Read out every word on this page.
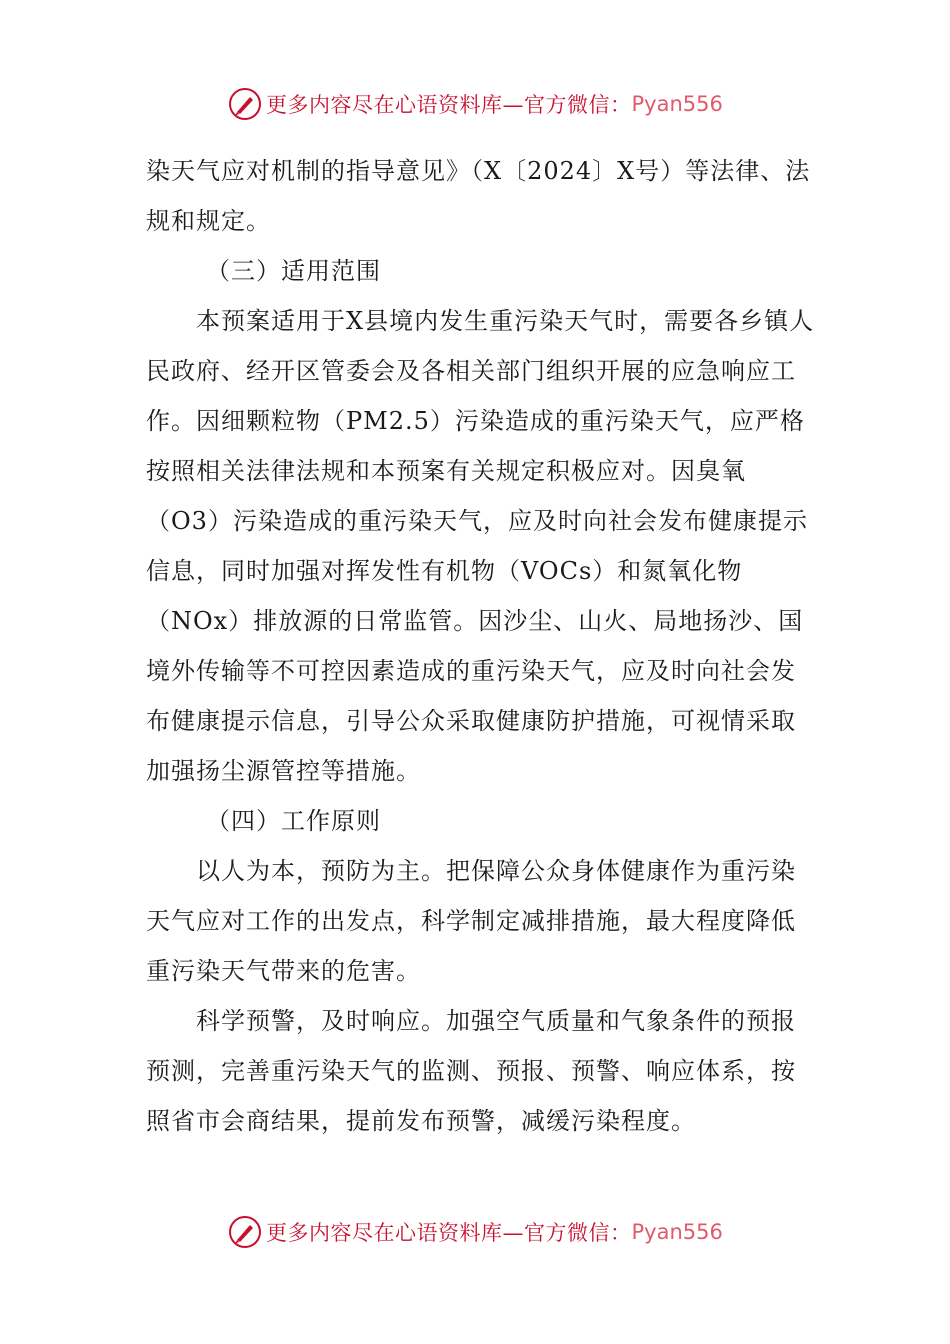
更多内容尽在心语资料库—官方微信： Pyan556

染天气应对机制的指导意见》（X〔2024〕X号）等法律、法规和规定。

（三）适用范围

本预案适用于X县境内发生重污染天气时，需要各乡镇人民政府、经开区管委会及各相关部门组织开展的应急响应工作。因细颗粒物（PM2.5）污染造成的重污染天气，应严格按照相关法律法规和本预案有关规定积极应对。因臭氧（O3）污染造成的重污染天气，应及时向社会发布健康提示信息，同时加强对挥发性有机物（VOCs）和氮氧化物（NOx）排放源的日常监管。因沙尘、山火、局地扬沙、国境外传输等不可控因素造成的重污染天气，应及时向社会发布健康提示信息，引导公众采取健康防护措施，可视情采取加强扬尘源管控等措施。

（四）工作原则

以人为本，预防为主。把保障公众身体健康作为重污染天气应对工作的出发点，科学制定减排措施，最大程度降低重污染天气带来的危害。

科学预警，及时响应。加强空气质量和气象条件的预报预测，完善重污染天气的监测、预报、预警、响应体系，按照省市会商结果，提前发布预警，减缓污染程度。

更多内容尽在心语资料库—官方微信： Pyan556
